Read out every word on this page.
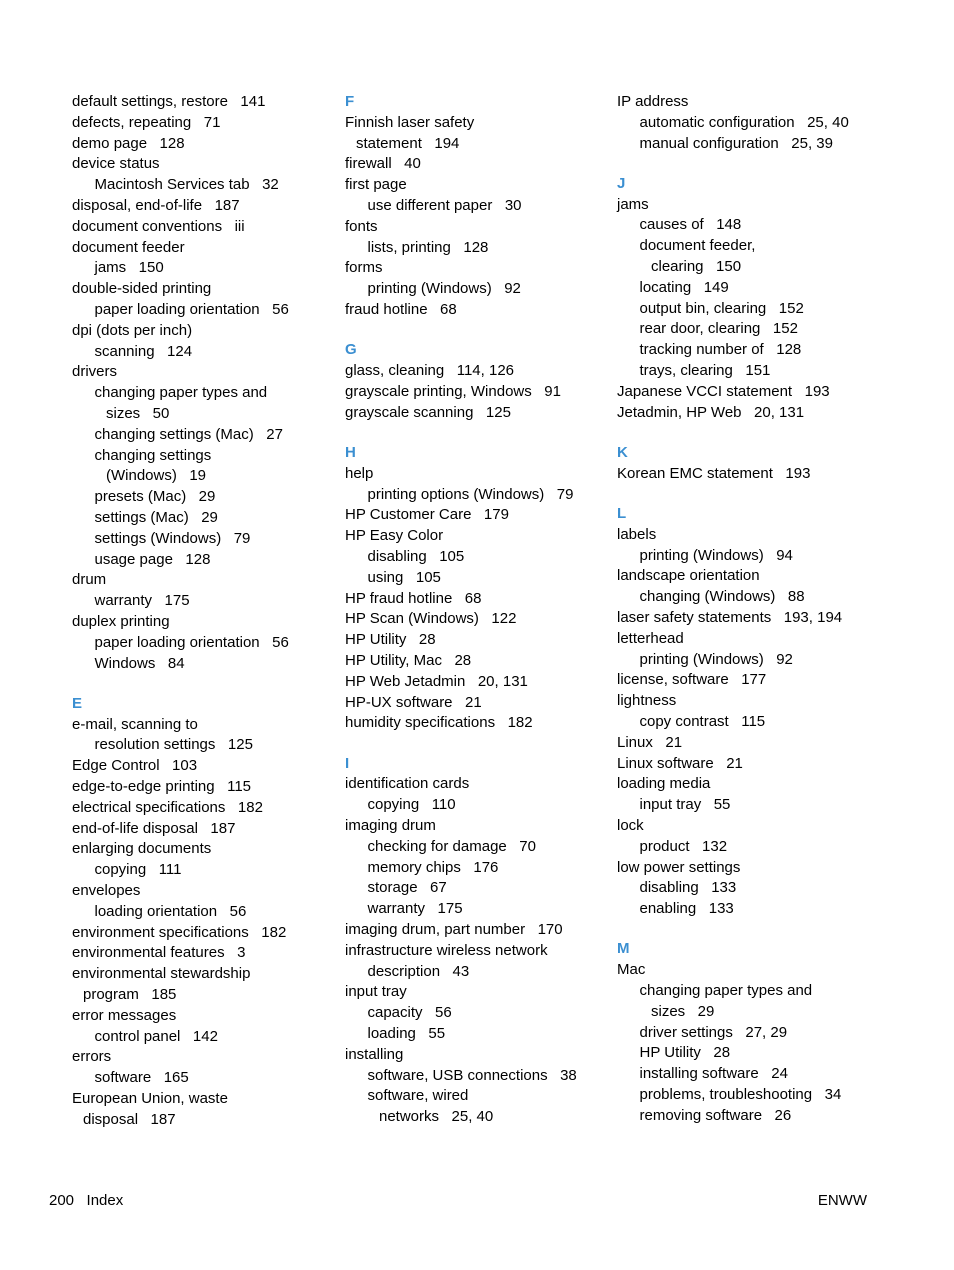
default settings, restore   141
defects, repeating   71
demo page   128
device status
Macintosh Services tab   32
disposal, end-of-life   187
document conventions   iii
document feeder
jams   150
double-sided printing
paper loading orientation   56
dpi (dots per inch)
scanning   124
drivers
changing paper types and
sizes   50
changing settings (Mac)   27
changing settings
(Windows)   19
presets (Mac)   29
settings (Mac)   29
settings (Windows)   79
usage page   128
drum
warranty   175
duplex printing
paper loading orientation   56
Windows   84
E
e-mail, scanning to
resolution settings   125
Edge Control   103
edge-to-edge printing   115
electrical specifications   182
end-of-life disposal   187
enlarging documents
copying   111
envelopes
loading orientation   56
environment specifications   182
environmental features   3
environmental stewardship
program   185
error messages
control panel   142
errors
software   165
European Union, waste
disposal   187
F
Finnish laser safety
statement   194
firewall   40
first page
use different paper   30
fonts
lists, printing   128
forms
printing (Windows)   92
fraud hotline   68
G
glass, cleaning   114, 126
grayscale printing, Windows   91
grayscale scanning   125
H
help
printing options (Windows)   79
HP Customer Care   179
HP Easy Color
disabling   105
using   105
HP fraud hotline   68
HP Scan (Windows)   122
HP Utility   28
HP Utility, Mac   28
HP Web Jetadmin   20, 131
HP-UX software   21
humidity specifications   182
I
identification cards
copying   110
imaging drum
checking for damage   70
memory chips   176
storage   67
warranty   175
imaging drum, part number   170
infrastructure wireless network
description   43
input tray
capacity   56
loading   55
installing
software, USB connections   38
software, wired
networks   25, 40
IP address
automatic configuration   25, 40
manual configuration   25, 39
J
jams
causes of   148
document feeder,
clearing   150
locating   149
output bin, clearing   152
rear door, clearing   152
tracking number of   128
trays, clearing   151
Japanese VCCI statement   193
Jetadmin, HP Web   20, 131
K
Korean EMC statement   193
L
labels
printing (Windows)   94
landscape orientation
changing (Windows)   88
laser safety statements   193, 194
letterhead
printing (Windows)   92
license, software   177
lightness
copy contrast   115
Linux   21
Linux software   21
loading media
input tray   55
lock
product   132
low power settings
disabling   133
enabling   133
M
Mac
changing paper types and
sizes   29
driver settings   27, 29
HP Utility   28
installing software   24
problems, troubleshooting   34
removing software   26
200   Index	ENWW
